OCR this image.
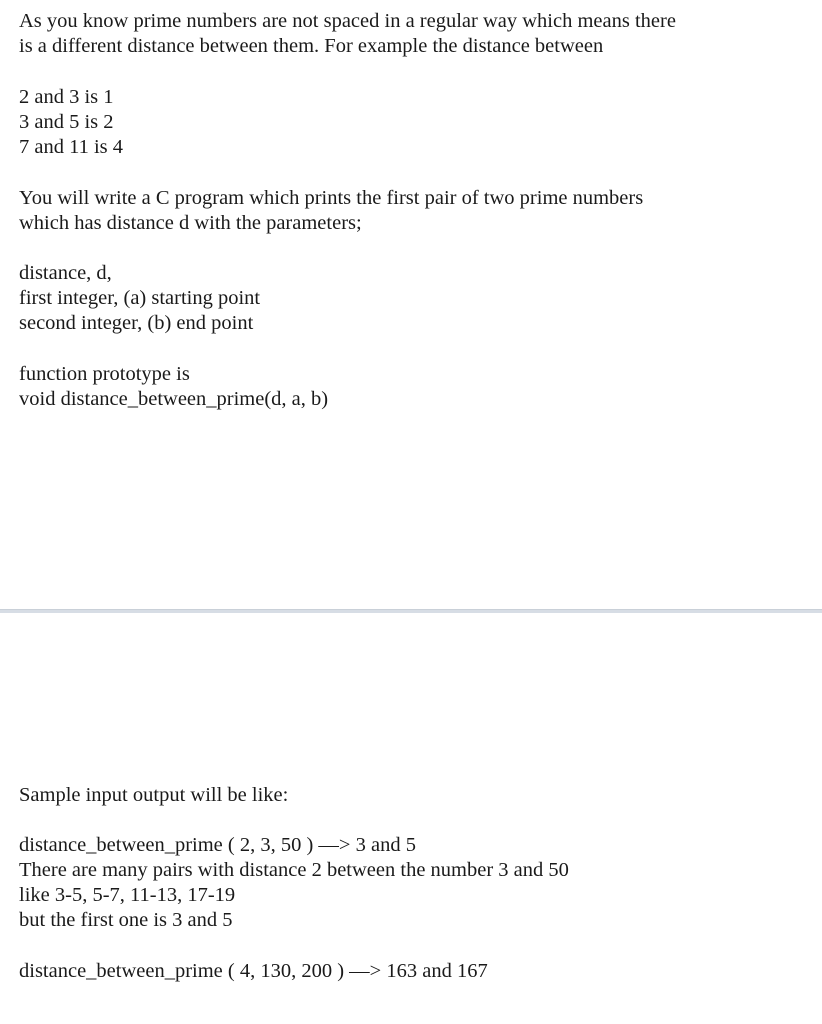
As you know prime numbers are not spaced in a regular way which means there
is a different distance between them. For example the distance between
2 and 3 is 1
3 and 5 is 2
7 and 11 is 4
You will write a C program which prints the first pair of two prime numbers
which has distance d with the parameters;
distance, d,
first integer, (a) starting point
second integer, (b) end point
function prototype is
void distance_between_prime(d, a, b)
Sample input output will be like:
distance_between_prime ( 2, 3, 50 ) —> 3 and 5
There are many pairs with distance 2 between the number 3 and 50
like 3-5, 5-7, 11-13, 17-19
but the first one is 3 and 5
distance_between_prime ( 4, 130, 200 ) —> 163 and 167
